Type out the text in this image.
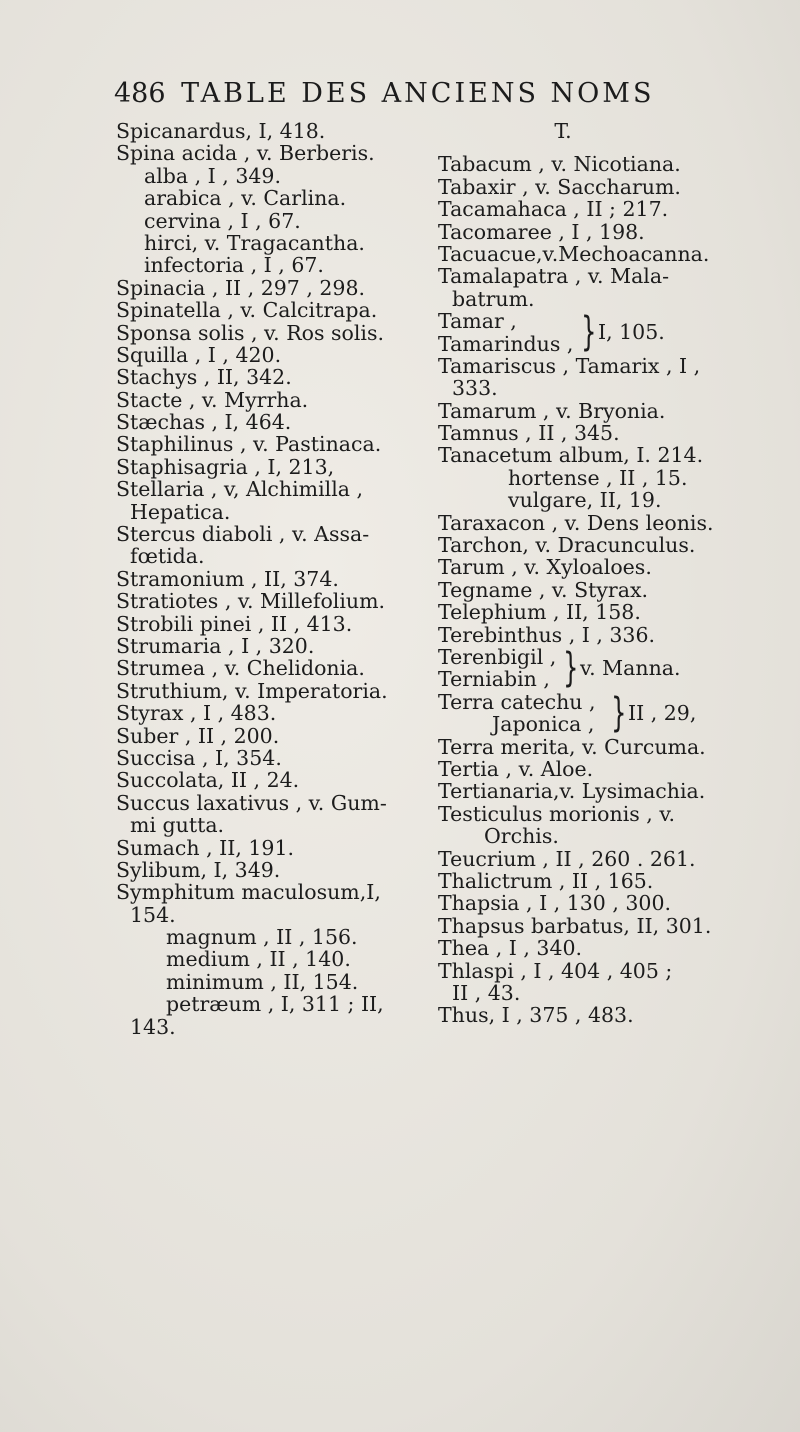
486 TABLE DES ANCIENS NOMS
Spicanardus, I, 418.
Spina acida , v. Berberis.
alba , I , 349.
arabica , v. Carlina.
cervina , I , 67.
hirci, v. Tragacantha.
infectoria , I , 67.
Spinacia , II , 297 , 298.
Spinatella , v. Calcitrapa.
Sponsa solis , v. Ros solis.
Squilla , I , 420.
Stachys , II, 342.
Stacte , v. Myrrha.
Stæchas , I, 464.
Staphilinus , v. Pastinaca.
Staphisagria , I, 213,
Stellaria , v, Alchimilla ,
Hepatica.
Stercus diaboli , v. Assa-
fœtida.
Stramonium , II, 374.
Stratiotes , v. Millefolium.
Strobili pinei , II , 413.
Strumaria , I , 320.
Strumea , v. Chelidonia.
Struthium, v. Imperatoria.
Styrax , I , 483.
Suber , II , 200.
Succisa , I, 354.
Succolata, II , 24.
Succus laxativus , v. Gum-
mi gutta.
Sumach , II, 191.
Sylibum, I, 349.
Symphitum maculosum,I,
154.
magnum , II , 156.
medium , II , 140.
minimum , II, 154.
petræum , I, 311 ; II,
143.
T.
Tabacum , v. Nicotiana.
Tabaxir , v. Saccharum.
Tacamahaca , II ; 217.
Tacomaree , I , 198.
Tacuacue,v.Mechoacanna.
Tamalapatra , v. Mala-
batrum.
Tamar ,
Tamarindus , } I, 105.
Tamariscus , Tamarix , I ,
333.
Tamarum , v. Bryonia.
Tamnus , II , 345.
Tanacetum album, I. 214.
hortense , II , 15.
vulgare, II, 19.
Taraxacon , v. Dens leonis.
Tarchon, v. Dracunculus.
Tarum , v. Xyloaloes.
Tegname , v. Styrax.
Telephium , II, 158.
Terebinthus , I , 336.
Terenbigil ,
Terniabin , } v. Manna.
Terra catechu ,
Japonica , } II , 29,
Terra merita, v. Curcuma.
Tertia , v. Aloe.
Tertianaria,v. Lysimachia.
Testiculus morionis , v.
Orchis.
Teucrium , II , 260 . 261.
Thalictrum , II , 165.
Thapsia , I , 130 , 300.
Thapsus barbatus, II, 301.
Thea , I , 340.
Thlaspi , I , 404 , 405 ;
II , 43.
Thus, I , 375 , 483.
